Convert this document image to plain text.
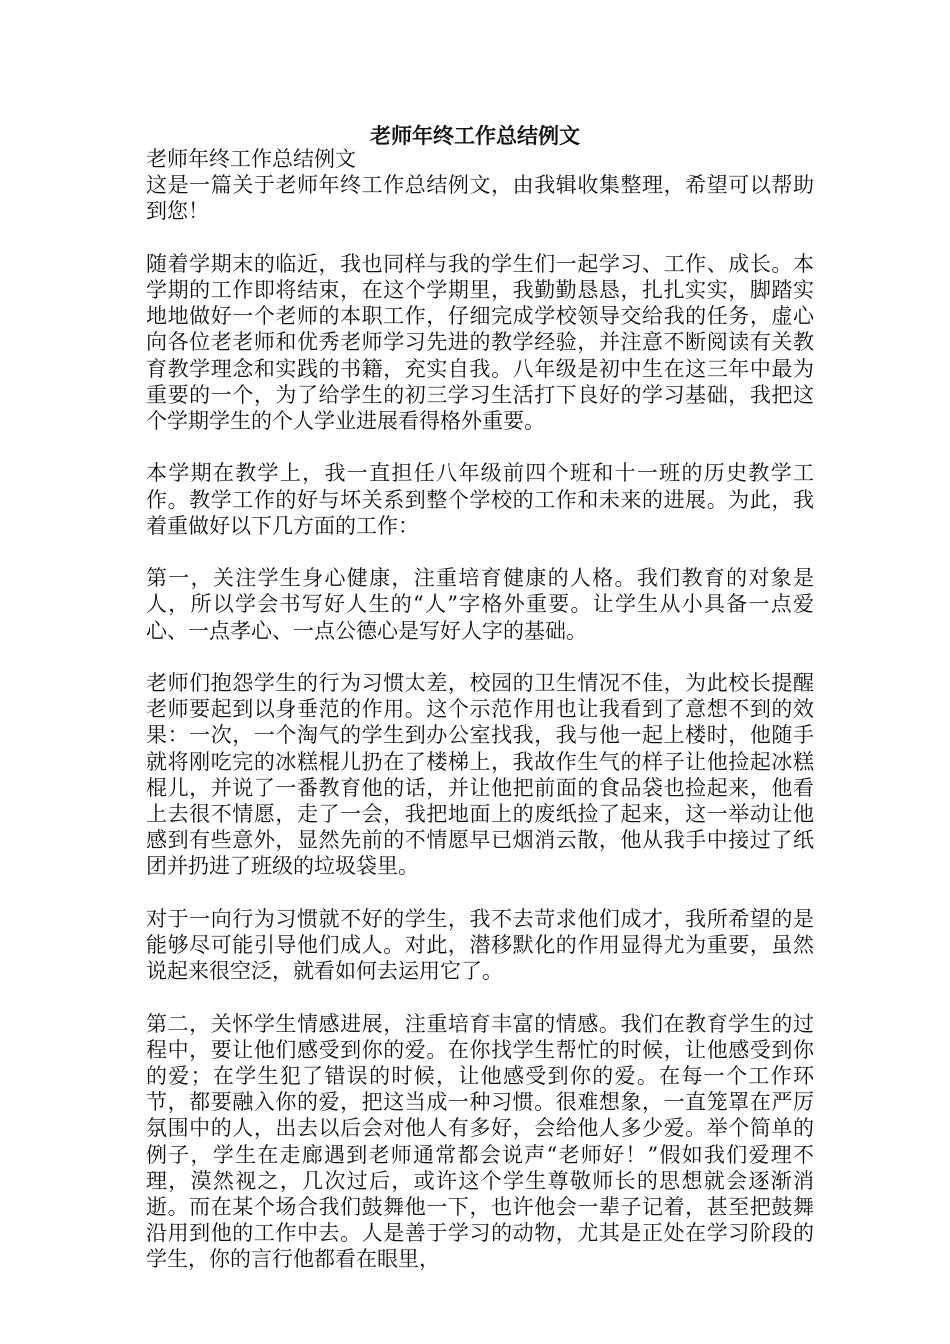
老师年终工作总结例文

老师年终工作总结例文

这是一篇关于老师年终工作总结例文，由我辑收集整理，希望可以帮助到您！

随着学期末的临近，我也同样与我的学生们一起学习、工作、成长。本学期的工作即将结束，在这个学期里，我勤勤恳恳，扎扎实实，脚踏实地地做好一个老师的本职工作，仔细完成学校领导交给我的任务，虚心向各位老老师和优秀老师学习先进的教学经验，并注意不断阅读有关教育教学理念和实践的书籍，充实自我。八年级是初中生在这三年中最为重要的一个，为了给学生的初三学习生活打下良好的学习基础，我把这个学期学生的个人学业进展看得格外重要。

本学期在教学上，我一直担任八年级前四个班和十一班的历史教学工作。教学工作的好与坏关系到整个学校的工作和未来的进展。为此，我着重做好以下几方面的工作：

第一，关注学生身心健康，注重培育健康的人格。我们教育的对象是人，所以学会书写好人生的“人”字格外重要。让学生从小具备一点爱心、一点孝心、一点公德心是写好人字的基础。

老师们抱怨学生的行为习惯太差，校园的卫生情况不佳，为此校长提醒老师要起到以身垂范的作用。这个示范作用也让我看到了意想不到的效果：一次，一个淘气的学生到办公室找我，我与他一起上楼时，他随手就将刚吃完的冰糕棍儿扔在了楼梯上，我故作生气的样子让他捡起冰糕棍儿，并说了一番教育他的话，并让他把前面的食品袋也捡起来，他看上去很不情愿，走了一会，我把地面上的废纸捡了起来，这一举动让他感到有些意外，显然先前的不情愿早已烟消云散，他从我手中接过了纸团并扔进了班级的垃圾袋里。

对于一向行为习惯就不好的学生，我不去苛求他们成才，我所希望的是能够尽可能引导他们成人。对此，潜移默化的作用显得尤为重要，虽然说起来很空泛，就看如何去运用它了。

第二，关怀学生情感进展，注重培育丰富的情感。我们在教育学生的过程中，要让他们感受到你的爱。在你找学生帮忙的时候，让他感受到你的爱；在学生犯了错误的时候，让他感受到你的爱。在每一个工作环节，都要融入你的爱，把这当成一种习惯。很难想象，一直笼罩在严厉氛围中的人，出去以后会对他人有多好，会给他人多少爱。举个简单的例子，学生在走廊遇到老师通常都会说声“老师好！”假如我们爱理不理，漠然视之，几次过后，或许这个学生尊敬师长的思想就会逐渐消逝。而在某个场合我们鼓舞他一下，也许他会一辈子记着，甚至把鼓舞沿用到他的工作中去。人是善于学习的动物，尤其是正处在学习阶段的学生，你的言行他都看在眼里，
